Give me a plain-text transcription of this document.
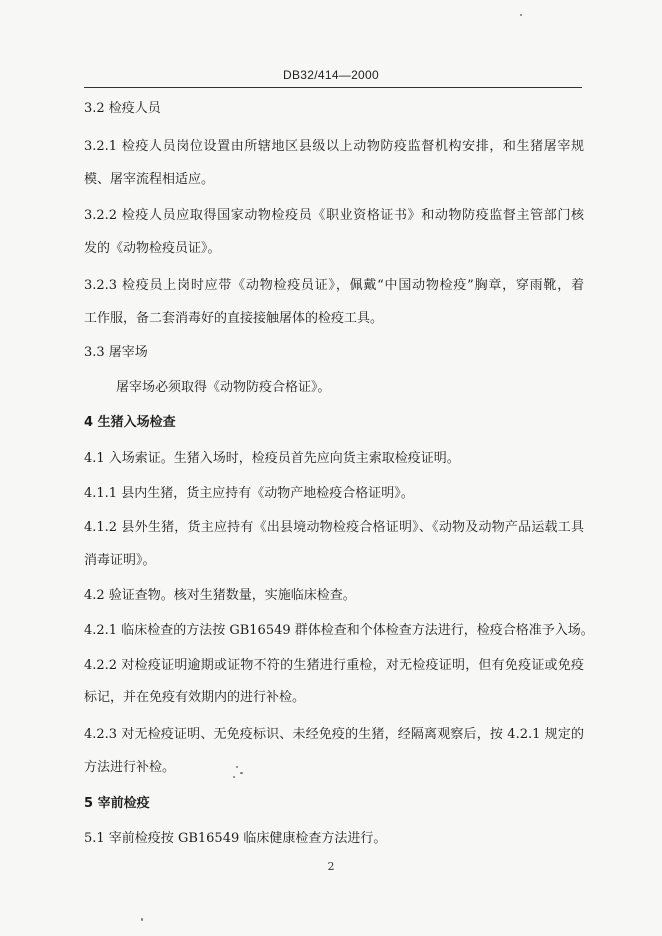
DB32/414—2000
3.2 检疫人员
3.2.1 检疫人员岗位设置由所辖地区县级以上动物防疫监督机构安排，和生猪屠宰规
模、屠宰流程相适应。
3.2.2 检疫人员应取得国家动物检疫员《职业资格证书》和动物防疫监督主管部门核
发的《动物检疫员证》。
3.2.3 检疫员上岗时应带《动物检疫员证》，佩戴“中国动物检疫”胸章，穿雨靴，着
工作服，备二套消毒好的直接接触屠体的检疫工具。
3.3 屠宰场
屠宰场必须取得《动物防疫合格证》。
4 生猪入场检查
4.1 入场索证。生猪入场时，检疫员首先应向货主索取检疫证明。
4.1.1 县内生猪，货主应持有《动物产地检疫合格证明》。
4.1.2 县外生猪，货主应持有《出县境动物检疫合格证明》、《动物及动物产品运载工具
消毒证明》。
4.2 验证查物。核对生猪数量，实施临床检查。
4.2.1 临床检查的方法按 GB16549 群体检查和个体检查方法进行，检疫合格准予入场。
4.2.2 对检疫证明逾期或证物不符的生猪进行重检，对无检疫证明，但有免疫证或免疫
标记，并在免疫有效期内的进行补检。
4.2.3 对无检疫证明、无免疫标识、未经免疫的生猪，经隔离观察后，按 4.2.1 规定的
方法进行补检。
5 宰前检疫
5.1 宰前检疫按 GB16549 临床健康检查方法进行。
2
